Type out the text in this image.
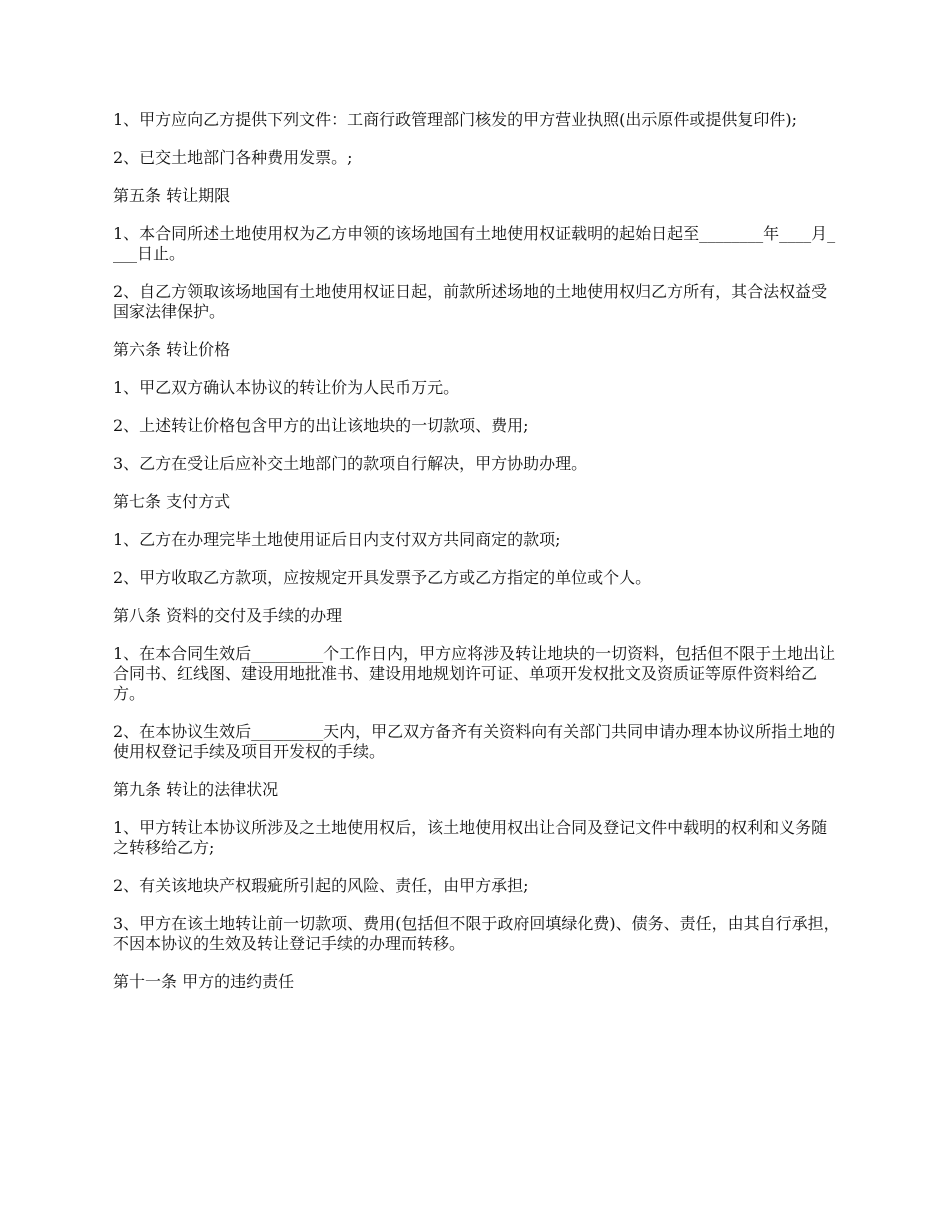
1、甲方应向乙方提供下列文件：工商行政管理部门核发的甲方营业执照(出示原件或提供复印件);

2、已交土地部门各种费用发票。;

第五条 转让期限

1、本合同所述土地使用权为乙方申领的该场地国有土地使用权证载明的起始日起至________年____月____日止。

2、自乙方领取该场地国有土地使用权证日起，前款所述场地的土地使用权归乙方所有，其合法权益受国家法律保护。

第六条 转让价格

1、甲乙双方确认本协议的转让价为人民币万元。

2、上述转让价格包含甲方的出让该地块的一切款项、费用;

3、乙方在受让后应补交土地部门的款项自行解决，甲方协助办理。

第七条 支付方式

1、乙方在办理完毕土地使用证后日内支付双方共同商定的款项;

2、甲方收取乙方款项，应按规定开具发票予乙方或乙方指定的单位或个人。

第八条 资料的交付及手续的办理

1、在本合同生效后_________个工作日内，甲方应将涉及转让地块的一切资料，包括但不限于土地出让合同书、红线图、建设用地批准书、建设用地规划许可证、单项开发权批文及资质证等原件资料给乙方。

2、在本协议生效后_________天内，甲乙双方备齐有关资料向有关部门共同申请办理本协议所指土地的使用权登记手续及项目开发权的手续。

第九条 转让的法律状况

1、甲方转让本协议所涉及之土地使用权后，该土地使用权出让合同及登记文件中载明的权利和义务随之转移给乙方;

2、有关该地块产权瑕疵所引起的风险、责任，由甲方承担;

3、甲方在该土地转让前一切款项、费用(包括但不限于政府回填绿化费)、债务、责任，由其自行承担，不因本协议的生效及转让登记手续的办理而转移。

第十一条 甲方的违约责任
